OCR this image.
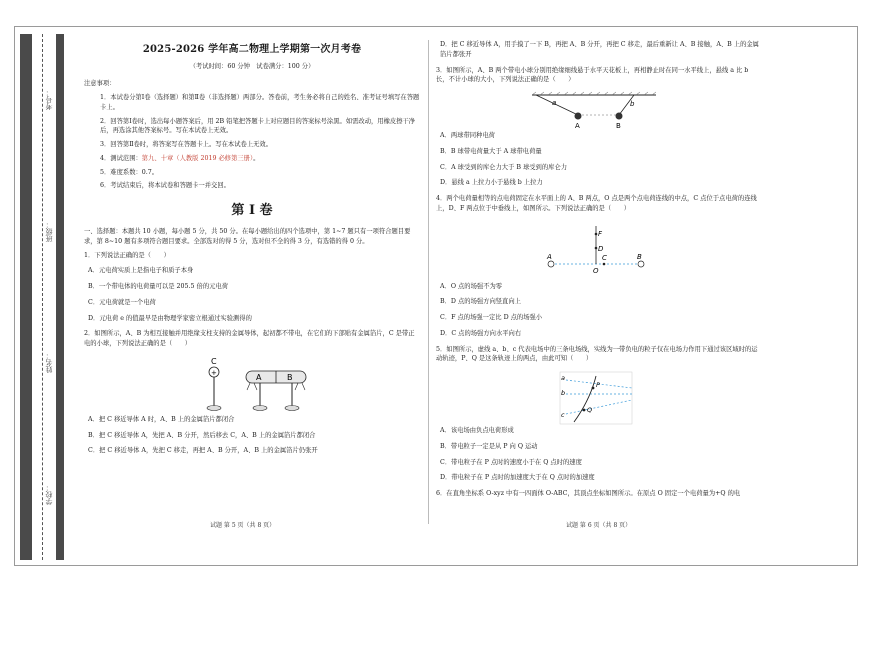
学校：
姓名：
班级：
考号：
2025-2026 学年高二物理上学期第一次月考卷
（考试时间：60 分钟　试卷满分：100 分）
注意事项：
1．本试卷分第Ⅰ卷（选择题）和第Ⅱ卷（非选择题）两部分。答卷前，考生务必将自己的姓名、准考证号填写在答题卡上。
2．回答第Ⅰ卷时，选出每小题答案后，用 2B 铅笔把答题卡上对应题目的答案标号涂黑。如需改动，用橡皮擦干净后，再选涂其他答案标号。写在本试卷上无效。
3．回答第Ⅱ卷时，将答案写在答题卡上。写在本试卷上无效。
4．测试范围：第九、十章（人教版 2019 必修第三册）。
5．难度系数：0.7。
6．考试结束后，将本试卷和答题卡一并交回。
第 Ⅰ 卷
一、选择题：本题共 10 小题，每小题 5 分，共 50 分。在每小题给出的四个选项中，第 1~7 题只有一项符合题目要求，第 8~10 题有多项符合题目要求。全部选对的得 5 分，选对但不全的得 3 分，有选错的得 0 分。
1．下列说法正确的是（　　）
A．元电荷实质上是指电子和质子本身
B．一个带电体的电荷量可以是 205.5 倍的元电荷
C．元电荷就是一个电荷
D．元电荷 e 的值最早是由物理学家密立根通过实验测得的
2．如图所示，A、B 为相互接触并用绝缘支柱支持的金属导体，起初都不带电，在它们的下部贴有金属箔片，C 是带正电的小球，下列说法正确的是（　　）
C
+	A	B
A．把 C 移近导体 A 时，A、B 上的金属箔片都闭合
B．把 C 移近导体 A，先把 A、B 分开，然后移去 C，A、B 上的金属箔片都闭合
C．把 C 移近导体 A，先把 C 移走，再把 A、B 分开，A、B 上的金属箔片仍张开
D．把 C 移近导体 A，用手摸了一下 B，再把 A、B 分开，再把 C 移走，最后重新让 A、B 接触，A、B 上的金属箔片都张开
3．如图所示，A、B 两个带电小球分别用绝缘细线悬于水平天花板上，再相静止时在同一水平线上，悬线 a 比 b 长，不计小球的大小，下列说法正确的是（　　）
a	b
A	B
A．两球带同种电荷
B．B 球带电荷量大于 A 球带电荷量
C．A 球受到的库仑力大于 B 球受到的库仑力
D．悬线 a 上拉力小于悬线 b 上拉力
4．两个电荷量相等的点电荷固定在水平面上的 A、B 两点，O 点是两个点电荷连线的中点，C 点位于点电荷的连线上，D、F 两点位于中垂线上，如图所示。下列说法正确的是（　　）
A	B
C
D
F
O
A．O 点的场强不为零
B．D 点的场强方向竖直向上
C．F 点的场强一定比 D 点的场强小
D．C 点的场强方向水平向右
5．如图所示，虚线 a、b、c 代表电场中的三条电场线，实线为一带负电的粒子仅在电场力作用下通过该区域时的运动轨迹，P、Q 是这条轨迹上的两点，由此可知（　　）
a
b
c
P
Q
A．该电场由负点电荷形成
B．带电粒子一定是从 P 向 Q 运动
C．带电粒子在 P 点时的速度小于在 Q 点时的速度
D．带电粒子在 P 点时的加速度大于在 Q 点时的加速度
6．在直角坐标系 O-xyz 中有一四面体 O-ABC，其顶点坐标如图所示。在原点 O 固定一个电荷量为+Q 的电
试题 第 5 页（共 8 页）	试题 第 6 页（共 8 页）
